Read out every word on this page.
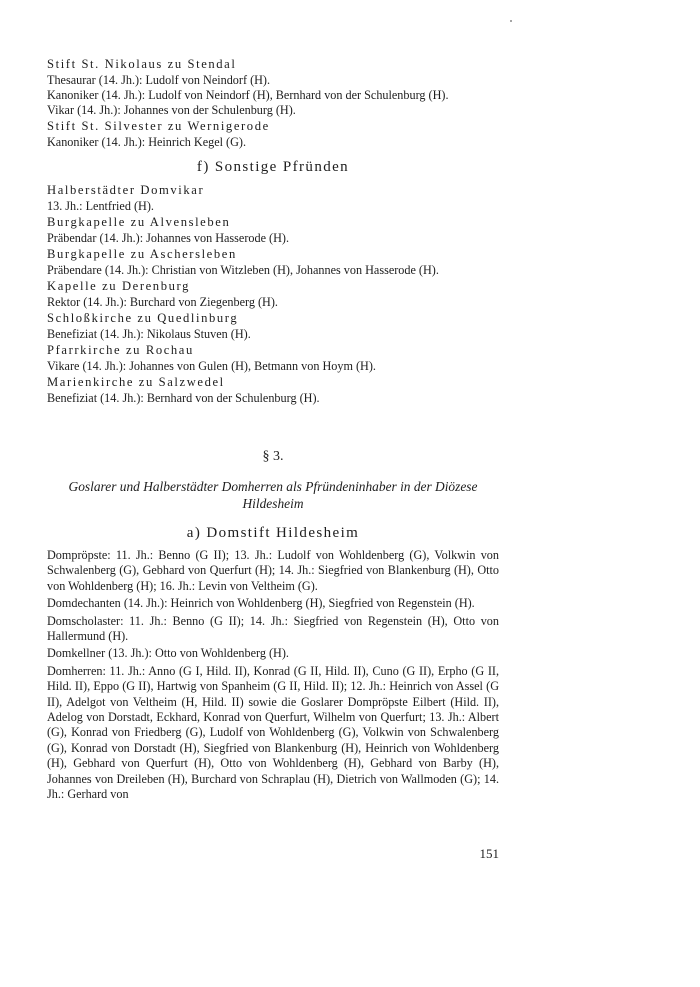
Stift St. Nikolaus zu Stendal

Thesaurar (14. Jh.): Ludolf von Neindorf (H).

Kanoniker (14. Jh.): Ludolf von Neindorf (H), Bernhard von der Schulenburg (H).

Vikar (14. Jh.): Johannes von der Schulenburg (H).

Stift St. Silvester zu Wernigerode

Kanoniker (14. Jh.): Heinrich Kegel (G).

f) Sonstige Pfründen

Halberstädter Domvikar

13. Jh.: Lentfried (H).

Burgkapelle zu Alvensleben

Präbendar (14. Jh.): Johannes von Hasserode (H).

Burgkapelle zu Aschersleben

Präbendare (14. Jh.): Christian von Witzleben (H), Johannes von Hasserode (H).

Kapelle zu Derenburg

Rektor (14. Jh.): Burchard von Ziegenberg (H).

Schloßkirche zu Quedlinburg

Benefiziat (14. Jh.): Nikolaus Stuven (H).

Pfarrkirche zu Rochau

Vikare (14. Jh.): Johannes von Gulen (H), Betmann von Hoym (H).

Marienkirche zu Salzwedel

Benefiziat (14. Jh.): Bernhard von der Schulenburg (H).

§ 3.
Goslarer und Halberstädter Domherren als Pfründeninhaber in der Diözese
Hildesheim
a) Domstift Hildesheim

Dompröpste: 11. Jh.: Benno (G II); 13. Jh.: Ludolf von Wohldenberg (G), Volkwin von Schwalenberg (G), Gebhard von Querfurt (H); 14. Jh.: Siegfried von Blankenburg (H), Otto von Wohldenberg (H); 16. Jh.: Levin von Veltheim (G).

Domdechanten (14. Jh.): Heinrich von Wohldenberg (H), Siegfried von Regenstein (H).

Domscholaster: 11. Jh.: Benno (G II); 14. Jh.: Siegfried von Regenstein (H), Otto von Hallermund (H).

Domkellner (13. Jh.): Otto von Wohldenberg (H).

Domherren: 11. Jh.: Anno (G I, Hild. II), Konrad (G II, Hild. II), Cuno (G II), Erpho (G II, Hild. II), Eppo (G II), Hartwig von Spanheim (G II, Hild. II); 12. Jh.: Heinrich von Assel (G II), Adelgot von Veltheim (H, Hild. II) sowie die Goslarer Dompröpste Eilbert (Hild. II), Adelog von Dorstadt, Eckhard, Konrad von Querfurt, Wilhelm von Querfurt; 13. Jh.: Albert (G), Konrad von Friedberg (G), Ludolf von Wohldenberg (G), Volkwin von Schwalenberg (G), Konrad von Dorstadt (H), Siegfried von Blankenburg (H), Heinrich von Wohldenberg (H), Gebhard von Querfurt (H), Otto von Wohldenberg (H), Gebhard von Barby (H), Johannes von Dreileben (H), Burchard von Schraplau (H), Dietrich von Wallmoden (G); 14. Jh.: Gerhard von

151
